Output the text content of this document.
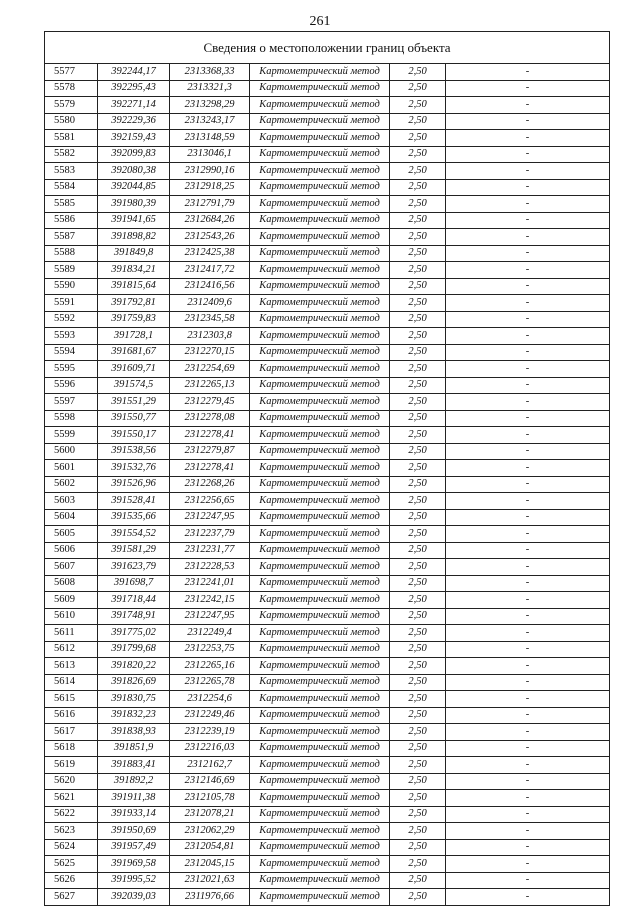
261
Сведения о местоположении границ объекта					
5577	392244,17	2313368,33	Картометрический метод	2,50	-
5578	392295,43	2313321,3	Картометрический метод	2,50	-
5579	392271,14	2313298,29	Картометрический метод	2,50	-
5580	392229,36	2313243,17	Картометрический метод	2,50	-
5581	392159,43	2313148,59	Картометрический метод	2,50	-
5582	392099,83	2313046,1	Картометрический метод	2,50	-
5583	392080,38	2312990,16	Картометрический метод	2,50	-
5584	392044,85	2312918,25	Картометрический метод	2,50	-
5585	391980,39	2312791,79	Картометрический метод	2,50	-
5586	391941,65	2312684,26	Картометрический метод	2,50	-
5587	391898,82	2312543,26	Картометрический метод	2,50	-
5588	391849,8	2312425,38	Картометрический метод	2,50	-
5589	391834,21	2312417,72	Картометрический метод	2,50	-
5590	391815,64	2312416,56	Картометрический метод	2,50	-
5591	391792,81	2312409,6	Картометрический метод	2,50	-
5592	391759,83	2312345,58	Картометрический метод	2,50	-
5593	391728,1	2312303,8	Картометрический метод	2,50	-
5594	391681,67	2312270,15	Картометрический метод	2,50	-
5595	391609,71	2312254,69	Картометрический метод	2,50	-
5596	391574,5	2312265,13	Картометрический метод	2,50	-
5597	391551,29	2312279,45	Картометрический метод	2,50	-
5598	391550,77	2312278,08	Картометрический метод	2,50	-
5599	391550,17	2312278,41	Картометрический метод	2,50	-
5600	391538,56	2312279,87	Картометрический метод	2,50	-
5601	391532,76	2312278,41	Картометрический метод	2,50	-
5602	391526,96	2312268,26	Картометрический метод	2,50	-
5603	391528,41	2312256,65	Картометрический метод	2,50	-
5604	391535,66	2312247,95	Картометрический метод	2,50	-
5605	391554,52	2312237,79	Картометрический метод	2,50	-
5606	391581,29	2312231,77	Картометрический метод	2,50	-
5607	391623,79	2312228,53	Картометрический метод	2,50	-
5608	391698,7	2312241,01	Картометрический метод	2,50	-
5609	391718,44	2312242,15	Картометрический метод	2,50	-
5610	391748,91	2312247,95	Картометрический метод	2,50	-
5611	391775,02	2312249,4	Картометрический метод	2,50	-
5612	391799,68	2312253,75	Картометрический метод	2,50	-
5613	391820,22	2312265,16	Картометрический метод	2,50	-
5614	391826,69	2312265,78	Картометрический метод	2,50	-
5615	391830,75	2312254,6	Картометрический метод	2,50	-
5616	391832,23	2312249,46	Картометрический метод	2,50	-
5617	391838,93	2312239,19	Картометрический метод	2,50	-
5618	391851,9	2312216,03	Картометрический метод	2,50	-
5619	391883,41	2312162,7	Картометрический метод	2,50	-
5620	391892,2	2312146,69	Картометрический метод	2,50	-
5621	391911,38	2312105,78	Картометрический метод	2,50	-
5622	391933,14	2312078,21	Картометрический метод	2,50	-
5623	391950,69	2312062,29	Картометрический метод	2,50	-
5624	391957,49	2312054,81	Картометрический метод	2,50	-
5625	391969,58	2312045,15	Картометрический метод	2,50	-
5626	391995,52	2312021,63	Картометрический метод	2,50	-
5627	392039,03	2311976,66	Картометрический метод	2,50	-
